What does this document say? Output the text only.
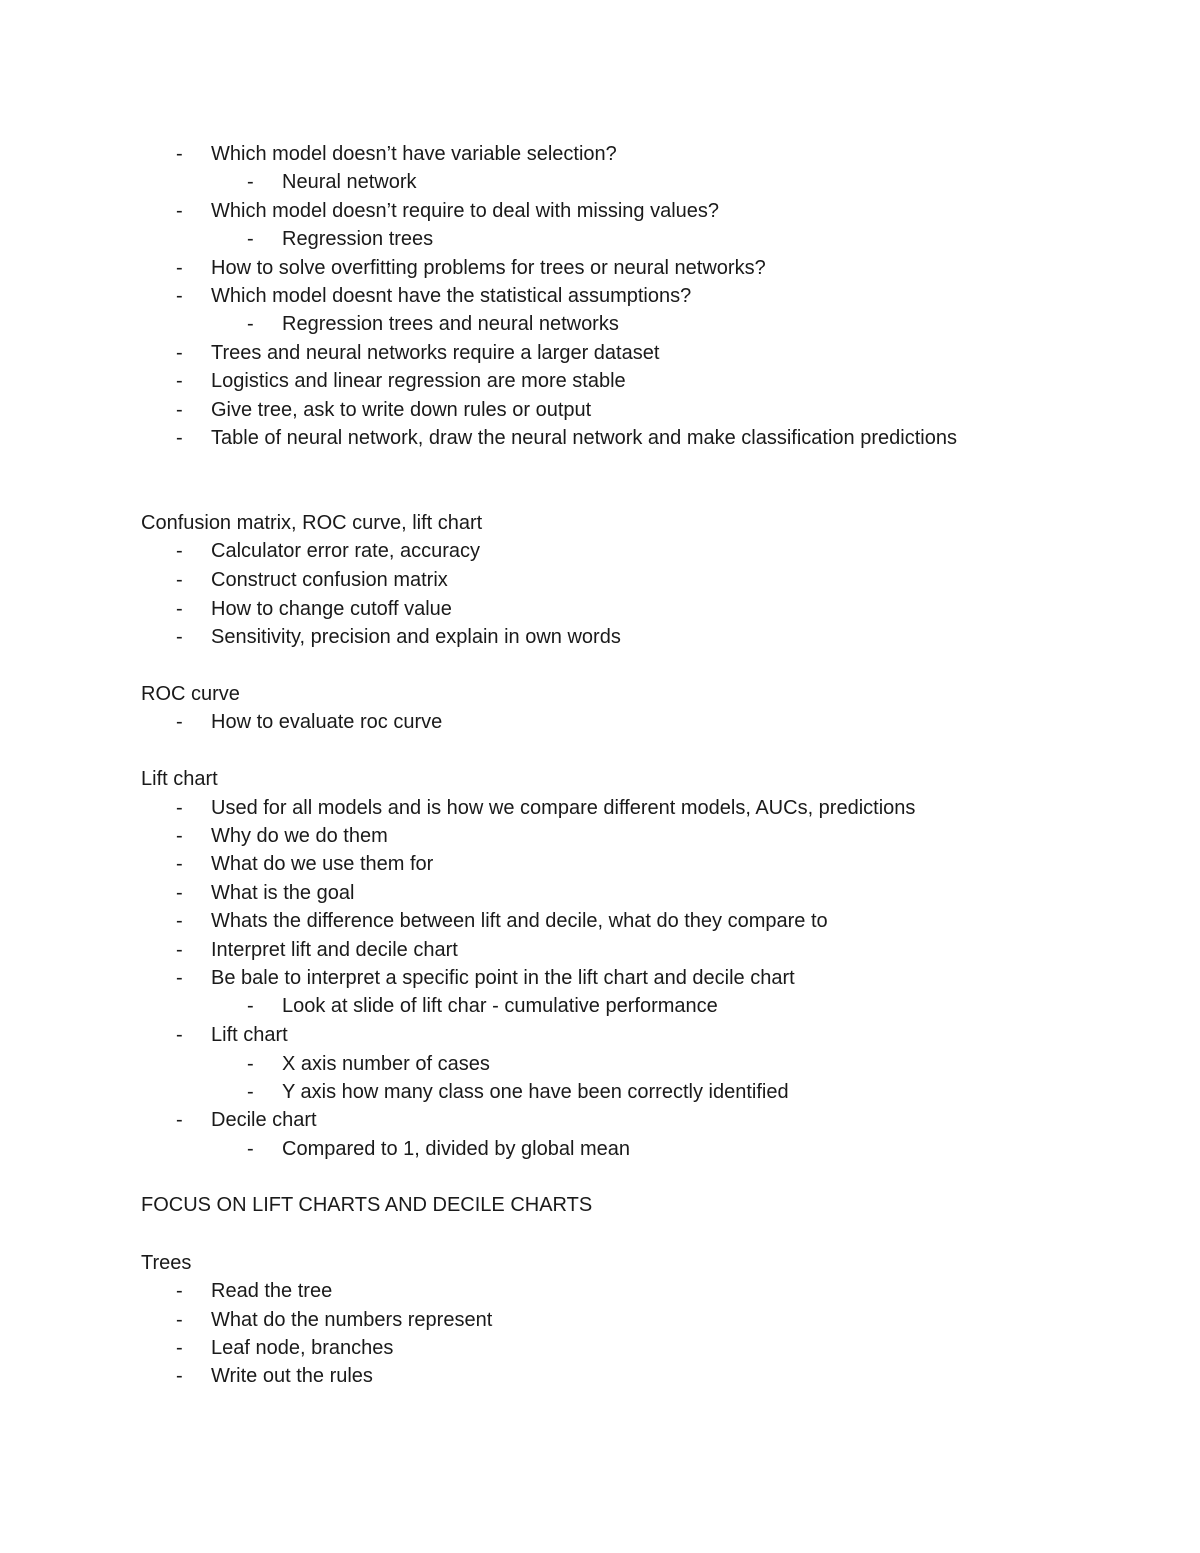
- Which model doesn’t have variable selection?
- Neural network
- Which model doesn’t require to deal with missing values?
- Regression trees
- How to solve overfitting problems for trees or neural networks?
- Which model doesnt have the statistical assumptions?
- Regression trees and neural networks
- Trees and neural networks require a larger dataset
- Logistics and linear regression are more stable
- Give tree, ask to write down rules or output
- Table of neural network, draw the neural network and make classification predictions
Confusion matrix, ROC curve, lift chart
- Calculator error rate, accuracy
- Construct confusion matrix
- How to change cutoff value
- Sensitivity, precision and explain in own words
ROC curve
- How to evaluate roc curve
Lift chart
- Used for all models and is how we compare different models, AUCs, predictions
- Why do we do them
- What do we use them for
- What is the goal
- Whats the difference between lift and decile, what do they compare to
- Interpret lift and decile chart
- Be bale to interpret a specific point in the lift chart and decile chart
- Look at slide of lift char - cumulative performance
- Lift chart
- X axis number of cases
- Y axis how many class one have been correctly identified
- Decile chart
- Compared to 1, divided by global mean
FOCUS ON LIFT CHARTS AND DECILE CHARTS
Trees
- Read the tree
- What do the numbers represent
- Leaf node, branches
- Write out the rules
